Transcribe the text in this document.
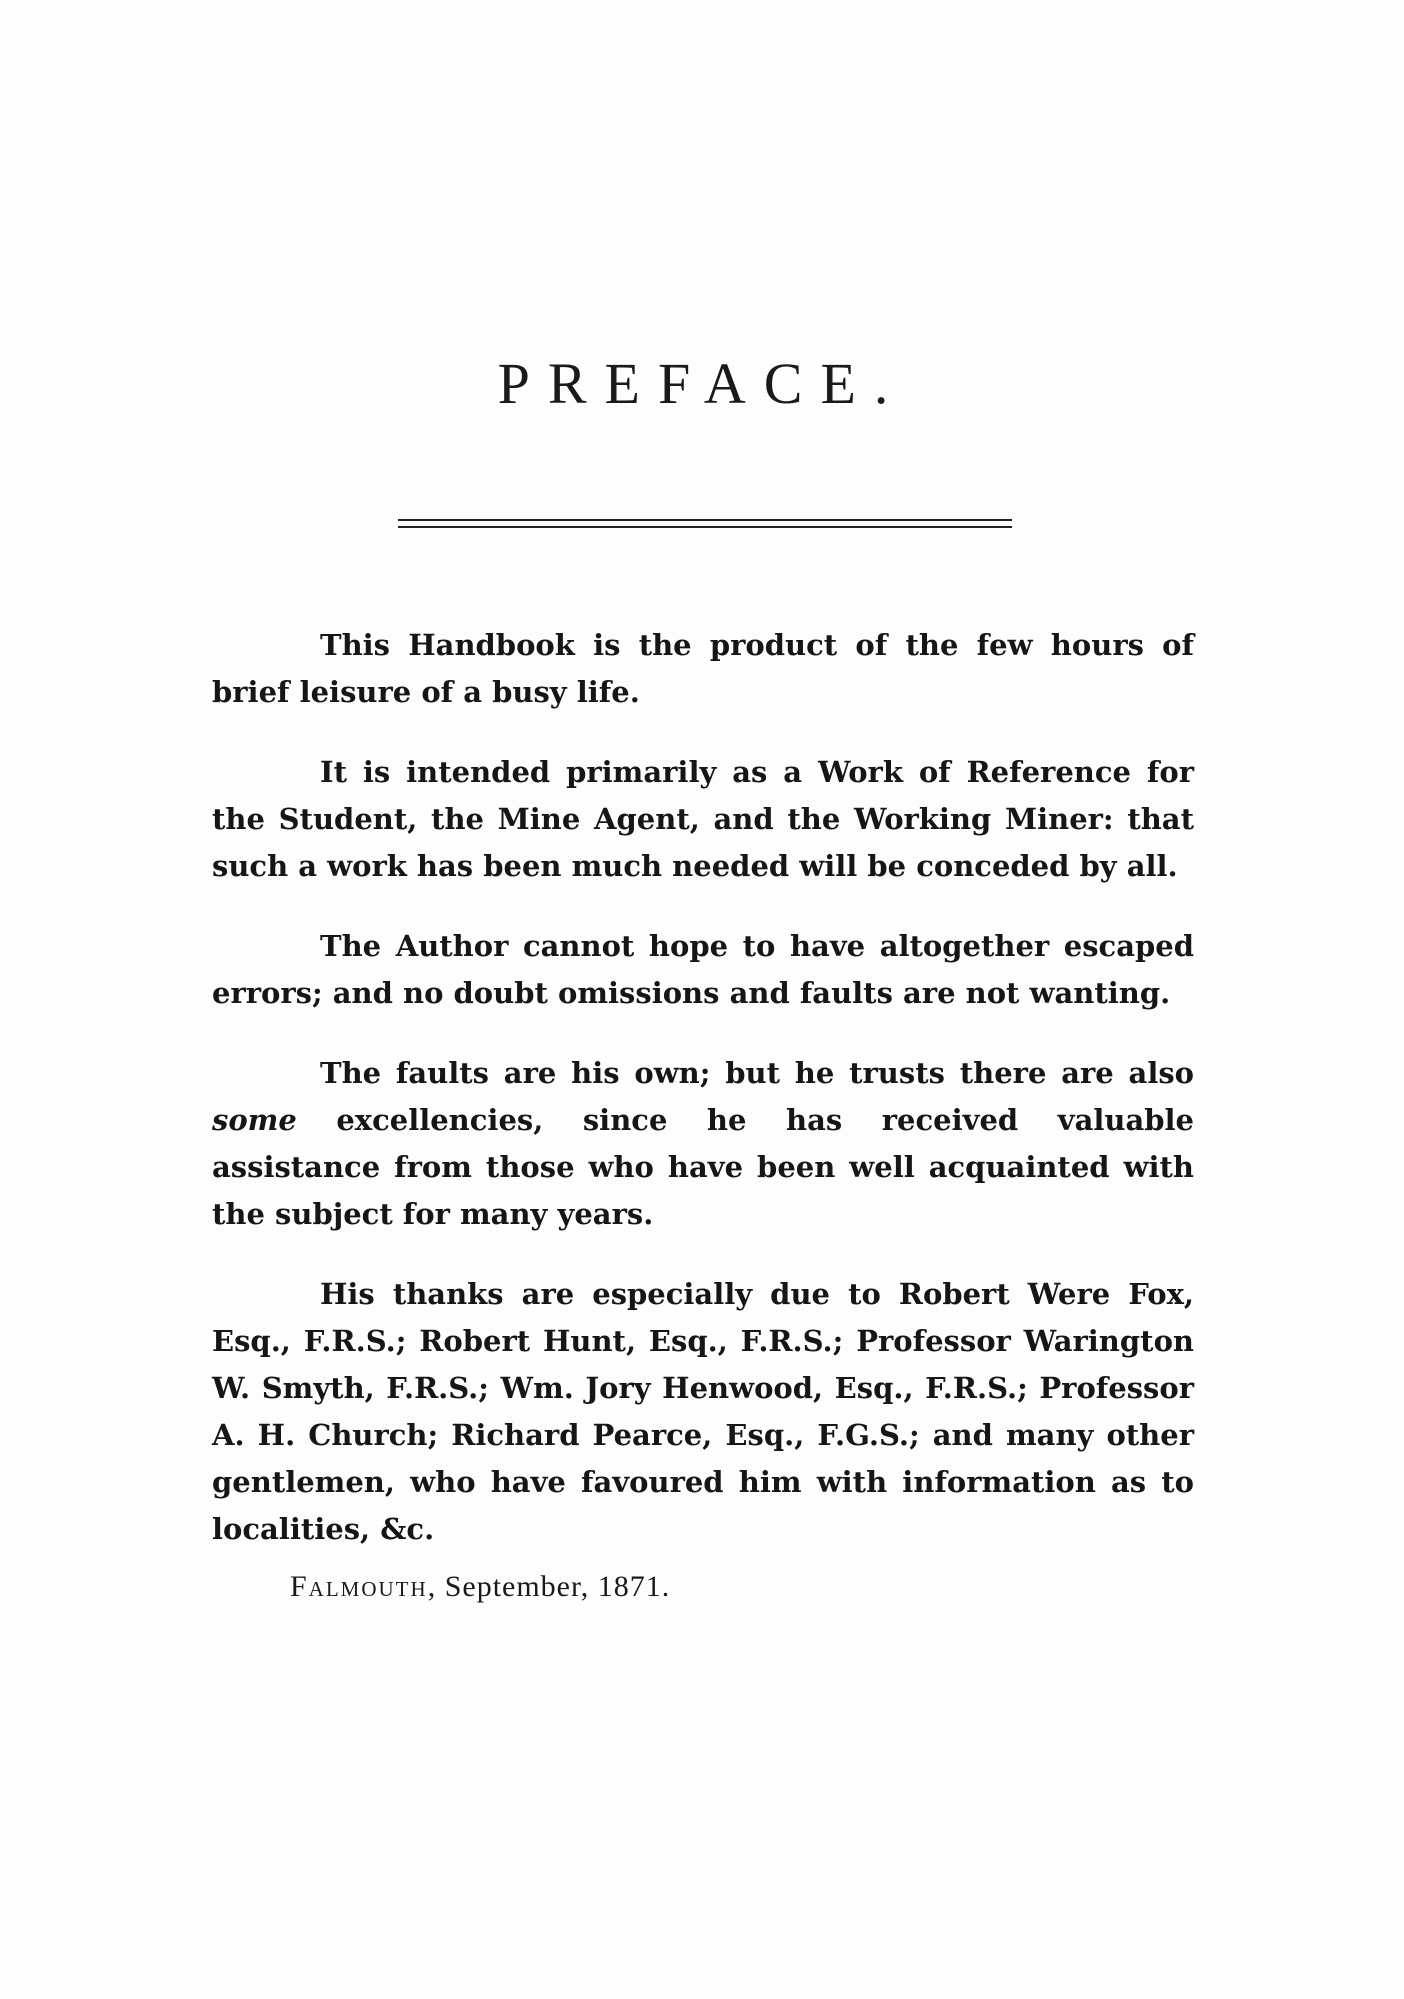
PREFACE.

This Handbook is the product of the few hours of brief leisure of a busy life.

It is intended primarily as a Work of Reference for the Student, the Mine Agent, and the Working Miner: that such a work has been much needed will be conceded by all.

The Author cannot hope to have altogether escaped errors; and no doubt omissions and faults are not wanting.

The faults are his own; but he trusts there are also some excellencies, since he has received valuable assistance from those who have been well acquainted with the subject for many years.

His thanks are especially due to Robert Were Fox, Esq., F.R.S.; Robert Hunt, Esq., F.R.S.; Professor Warington W. Smyth, F.R.S.; Wm. Jory Henwood, Esq., F.R.S.; Professor A. H. Church; Richard Pearce, Esq., F.G.S.; and many other gentlemen, who have favoured him with information as to localities, &c.

Falmouth, September, 1871.
